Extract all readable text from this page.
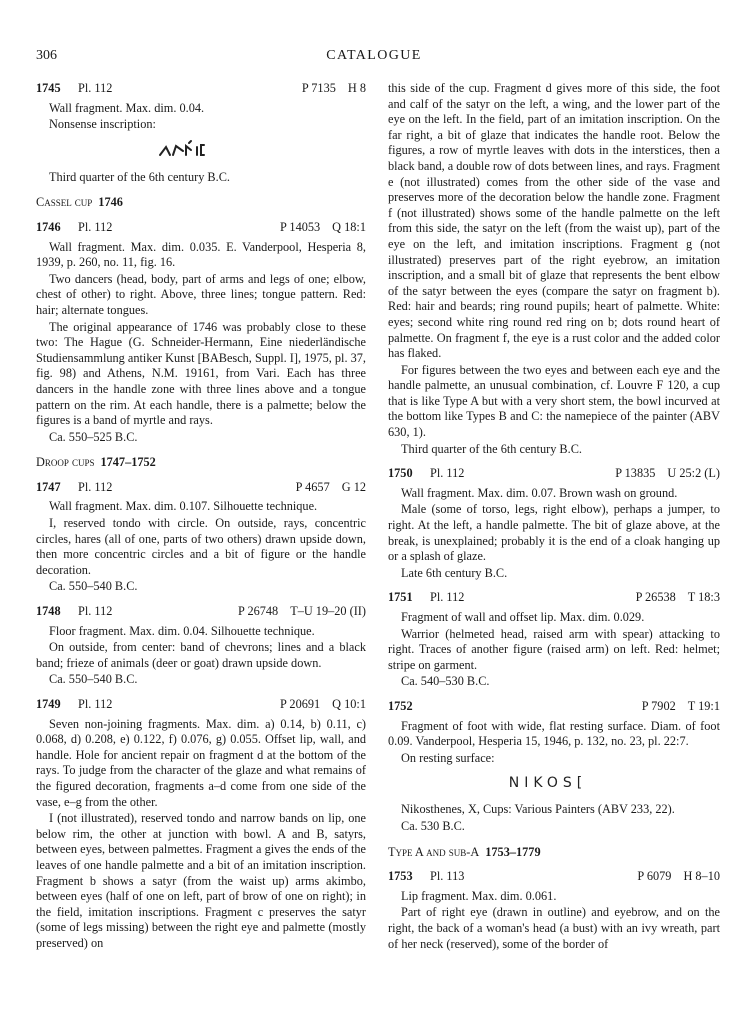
306	CATALOGUE
1745	Pl. 112	P 7135 H 8
Wall fragment. Max. dim. 0.04.
Nonsense inscription:
Third quarter of the 6th century B.C.
Cassel cup 1746
1746	Pl. 112	P 14053 Q 18:1

Wall fragment. Max. dim. 0.035. E. Vanderpool, Hesperia 8, 1939, p. 260, no. 11, fig. 16.

Two dancers (head, body, part of arms and legs of one; elbow, chest of other) to right. Above, three lines; tongue pattern. Red: hair; alternate tongues.

The original appearance of 1746 was probably close to these two: The Hague (G. Schneider-Hermann, Eine niederländische Studiensammlung antiker Kunst [BABesch, Suppl. I], 1975, pl. 37, fig. 98) and Athens, N.M. 19161, from Vari. Each has three dancers in the handle zone with three lines above and a tongue pattern on the rim. At each handle, there is a palmette; below the figures is a band of myrtle and rays.

Ca. 550–525 B.C.
Droop cups 1747–1752
1747	Pl. 112	P 4657 G 12

Wall fragment. Max. dim. 0.107. Silhouette technique.

I, reserved tondo with circle. On outside, rays, concentric circles, hares (all of one, parts of two others) drawn upside down, then more concentric circles and a bit of figure or the handle decoration.

Ca. 550–540 B.C.
1748	Pl. 112	P 26748 T–U 19–20 (II)

Floor fragment. Max. dim. 0.04. Silhouette technique.

On outside, from center: band of chevrons; lines and a black band; frieze of animals (deer or goat) drawn upside down.

Ca. 550–540 B.C.
1749	Pl. 112	P 20691 Q 10:1

Seven non-joining fragments. Max. dim. a) 0.14, b) 0.11, c) 0.068, d) 0.208, e) 0.122, f) 0.076, g) 0.055. Offset lip, wall, and handle. Hole for ancient repair on fragment d at the bottom of the rays. To judge from the character of the glaze and what remains of the figured decoration, fragments a–d come from one side of the vase, e–g from the other.

I (not illustrated), reserved tondo and narrow bands on lip, one below rim, the other at junction with bowl. A and B, satyrs, between eyes, between palmettes. Fragment a gives the ends of the leaves of one handle palmette and a bit of an imitation inscription. Fragment b shows a satyr (from the waist up) arms akimbo, between eyes (half of one on left, part of brow of one on right); in the field, imitation inscriptions. Fragment c preserves the satyr (some of legs missing) between the right eye and palmette (mostly preserved) on

this side of the cup. Fragment d gives more of this side, the foot and calf of the satyr on the left, a wing, and the lower part of the eye on the left. In the field, part of an imitation inscription. On the far right, a bit of glaze that indicates the handle root. Below the figures, a row of myrtle leaves with dots in the interstices, then a black band, a double row of dots between lines, and rays. Fragment e (not illustrated) comes from the other side of the vase and preserves more of the decoration below the handle zone. Fragment f (not illustrated) shows some of the handle palmette on the left from this side, the satyr on the left (from the waist up), part of the eye on the left, and imitation inscriptions. Fragment g (not illustrated) preserves part of the right eyebrow, an imitation inscription, and a small bit of glaze that represents the bent elbow of the satyr between the eyes (compare the satyr on fragment b). Red: hair and beards; ring round pupils; heart of palmette. White: eyes; second white ring round red ring on b; dots round heart of palmette. On fragment f, the eye is a rust color and the added color has flaked.

For figures between the two eyes and between each eye and the handle palmette, an unusual combination, cf. Louvre F 120, a cup that is like Type A but with a very short stem, the bowl incurved at the bottom like Types B and C: the namepiece of the painter (ABV 630, 1).

Third quarter of the 6th century B.C.
1750	Pl. 112	P 13835 U 25:2 (L)

Wall fragment. Max. dim. 0.07. Brown wash on ground.

Male (some of torso, legs, right elbow), perhaps a jumper, to right. At the left, a handle palmette. The bit of glaze above, at the break, is unexplained; probably it is the end of a cloak hanging up or a splash of glaze.

Late 6th century B.C.
1751	Pl. 112	P 26538 T 18:3

Fragment of wall and offset lip. Max. dim. 0.029.

Warrior (helmeted head, raised arm with spear) attacking to right. Traces of another figure (raised arm) on left. Red: helmet; stripe on garment.

Ca. 540–530 B.C.
1752	P 7902 T 19:1

Fragment of foot with wide, flat resting surface. Diam. of foot 0.09. Vanderpool, Hesperia 15, 1946, p. 132, no. 23, pl. 22:7.

On resting surface:

NIKOS[

Nikosthenes, X, Cups: Various Painters (ABV 233, 22).

Ca. 530 B.C.
Type A and sub-A 1753–1779
1753	Pl. 113	P 6079 H 8–10

Lip fragment. Max. dim. 0.061.

Part of right eye (drawn in outline) and eyebrow, and on the right, the back of a woman's head (a bust) with an ivy wreath, part of her neck (reserved), some of the border of
